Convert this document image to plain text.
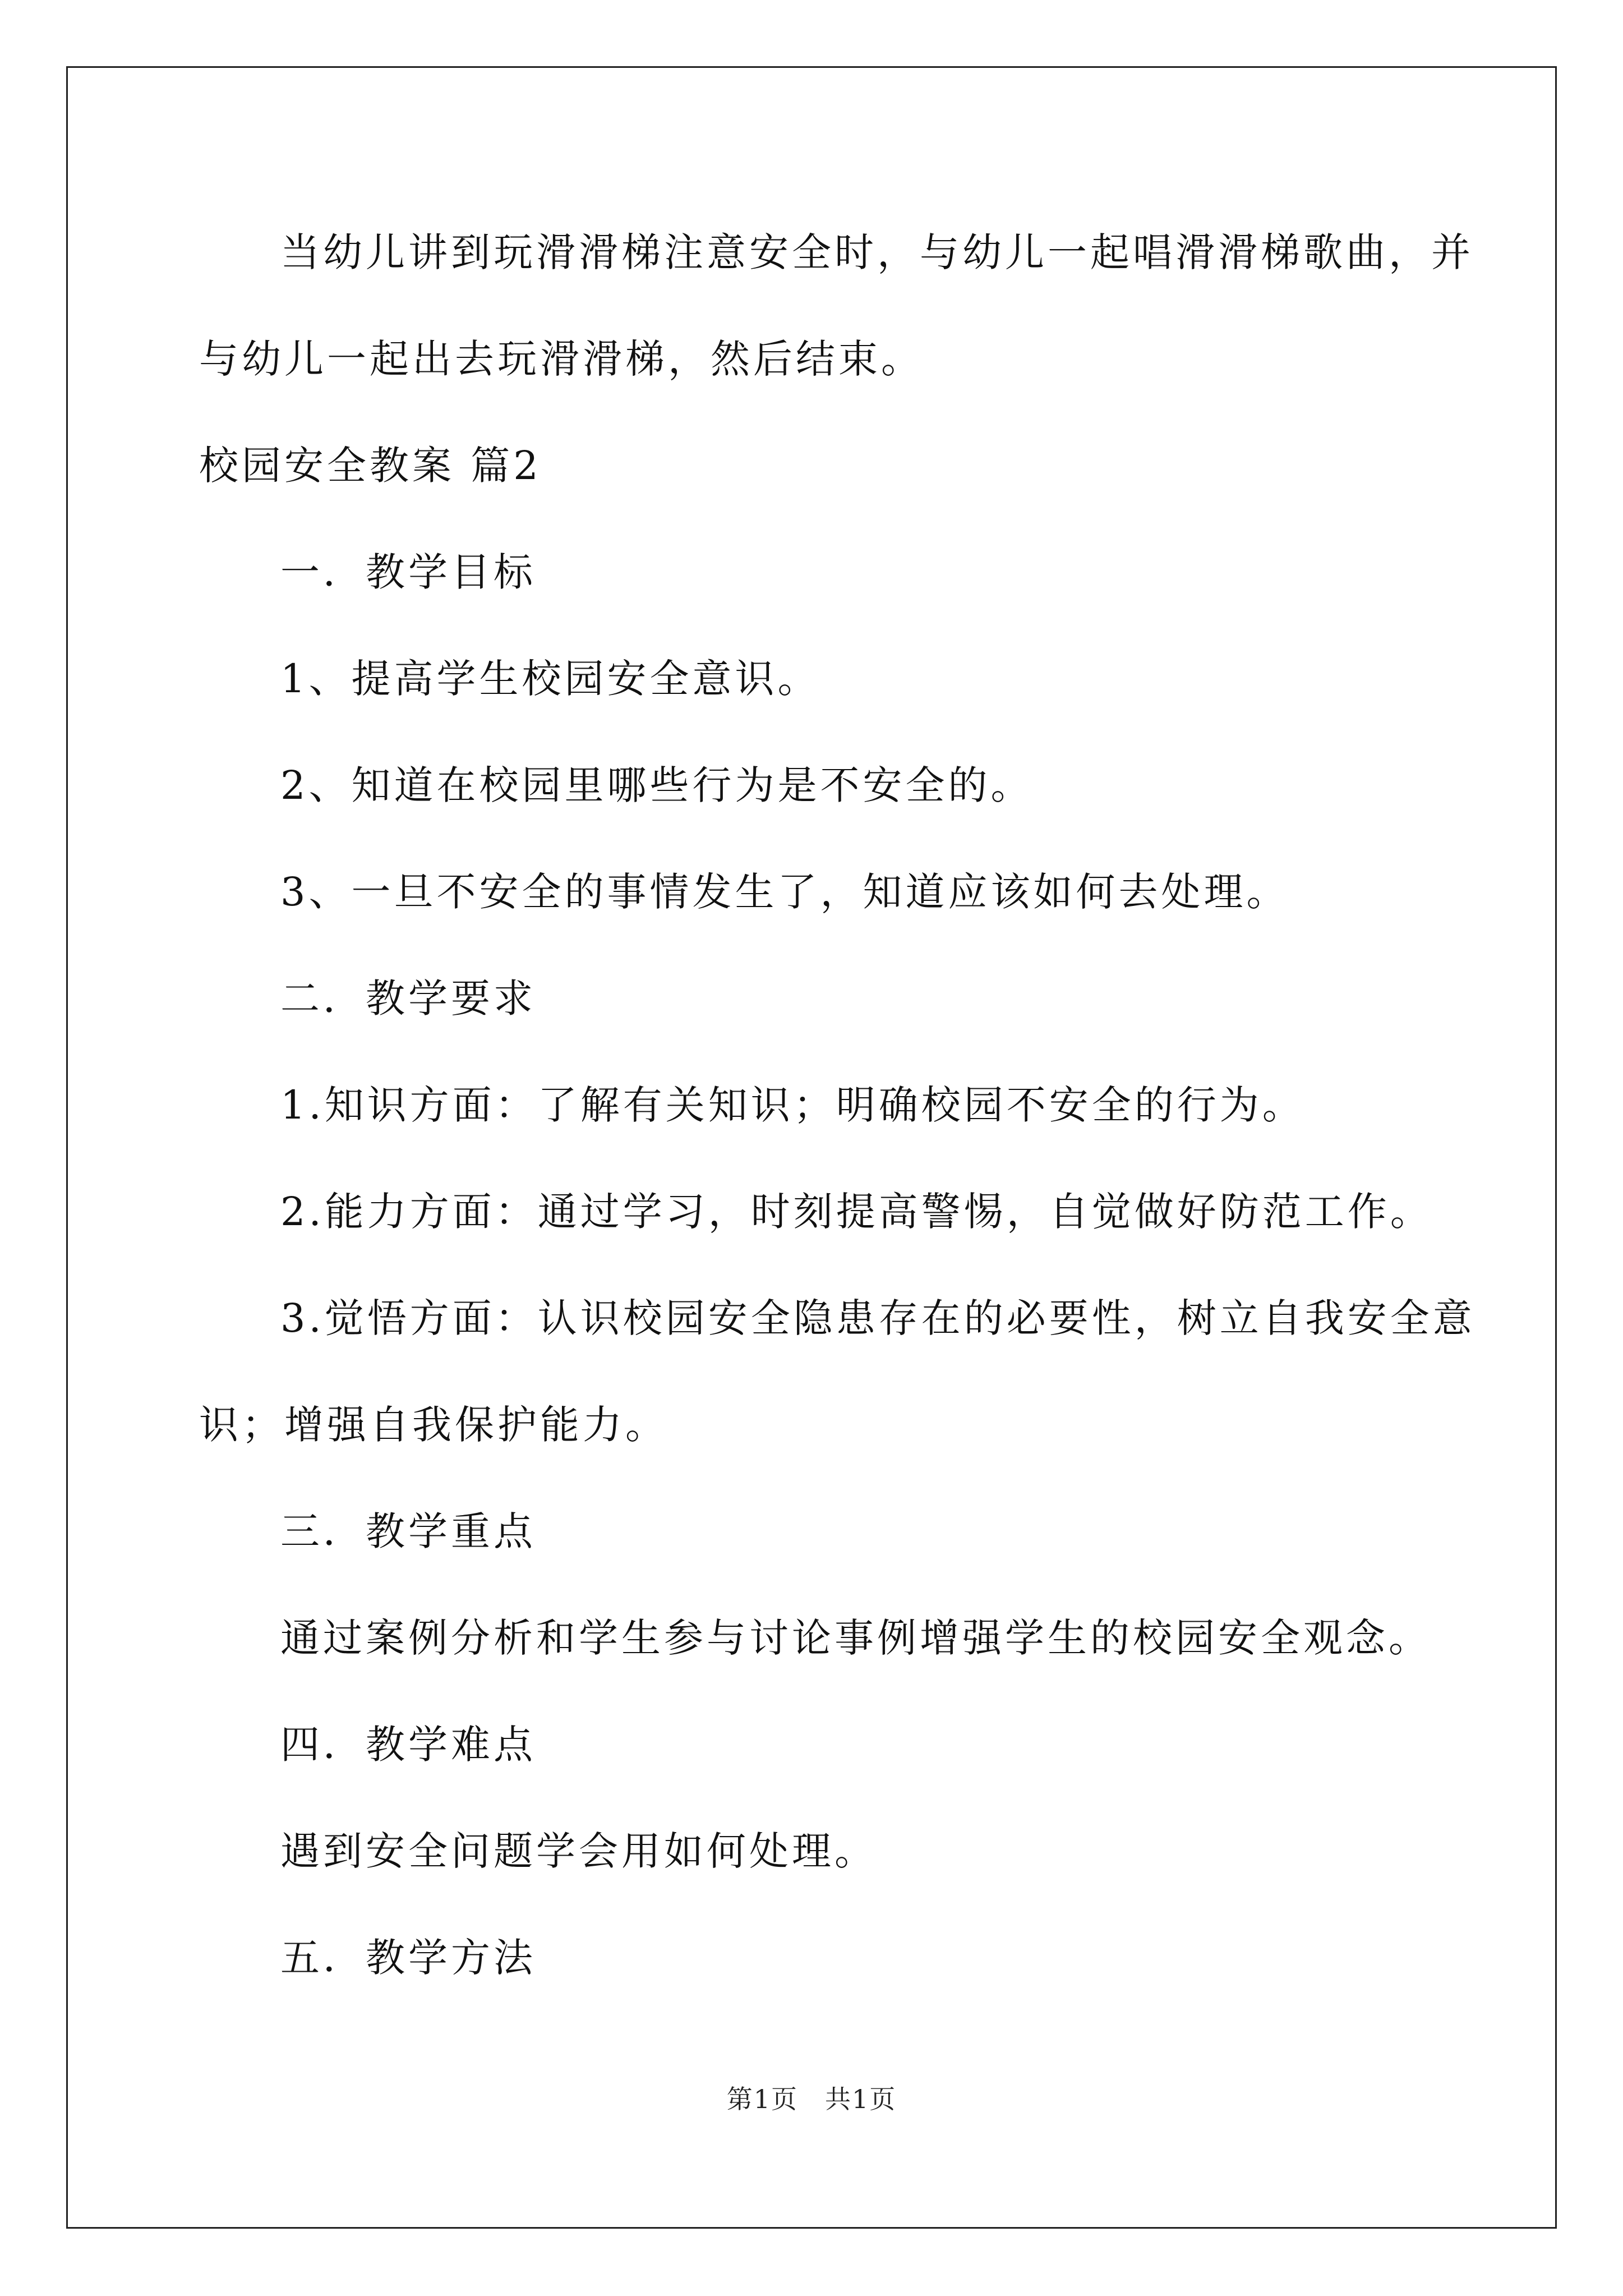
当幼儿讲到玩滑滑梯注意安全时，与幼儿一起唱滑滑梯歌曲，并
与幼儿一起出去玩滑滑梯，然后结束。
校园安全教案 篇2
一．教学目标
1、提高学生校园安全意识。
2、知道在校园里哪些行为是不安全的。
3、一旦不安全的事情发生了，知道应该如何去处理。
二．教学要求
1.知识方面：了解有关知识；明确校园不安全的行为。
2.能力方面：通过学习，时刻提高警惕，自觉做好防范工作。
3.觉悟方面：认识校园安全隐患存在的必要性，树立自我安全意
识；增强自我保护能力。
三．教学重点
通过案例分析和学生参与讨论事例增强学生的校园安全观念。
四．教学难点
遇到安全问题学会用如何处理。
五．教学方法
第1页　共1页
